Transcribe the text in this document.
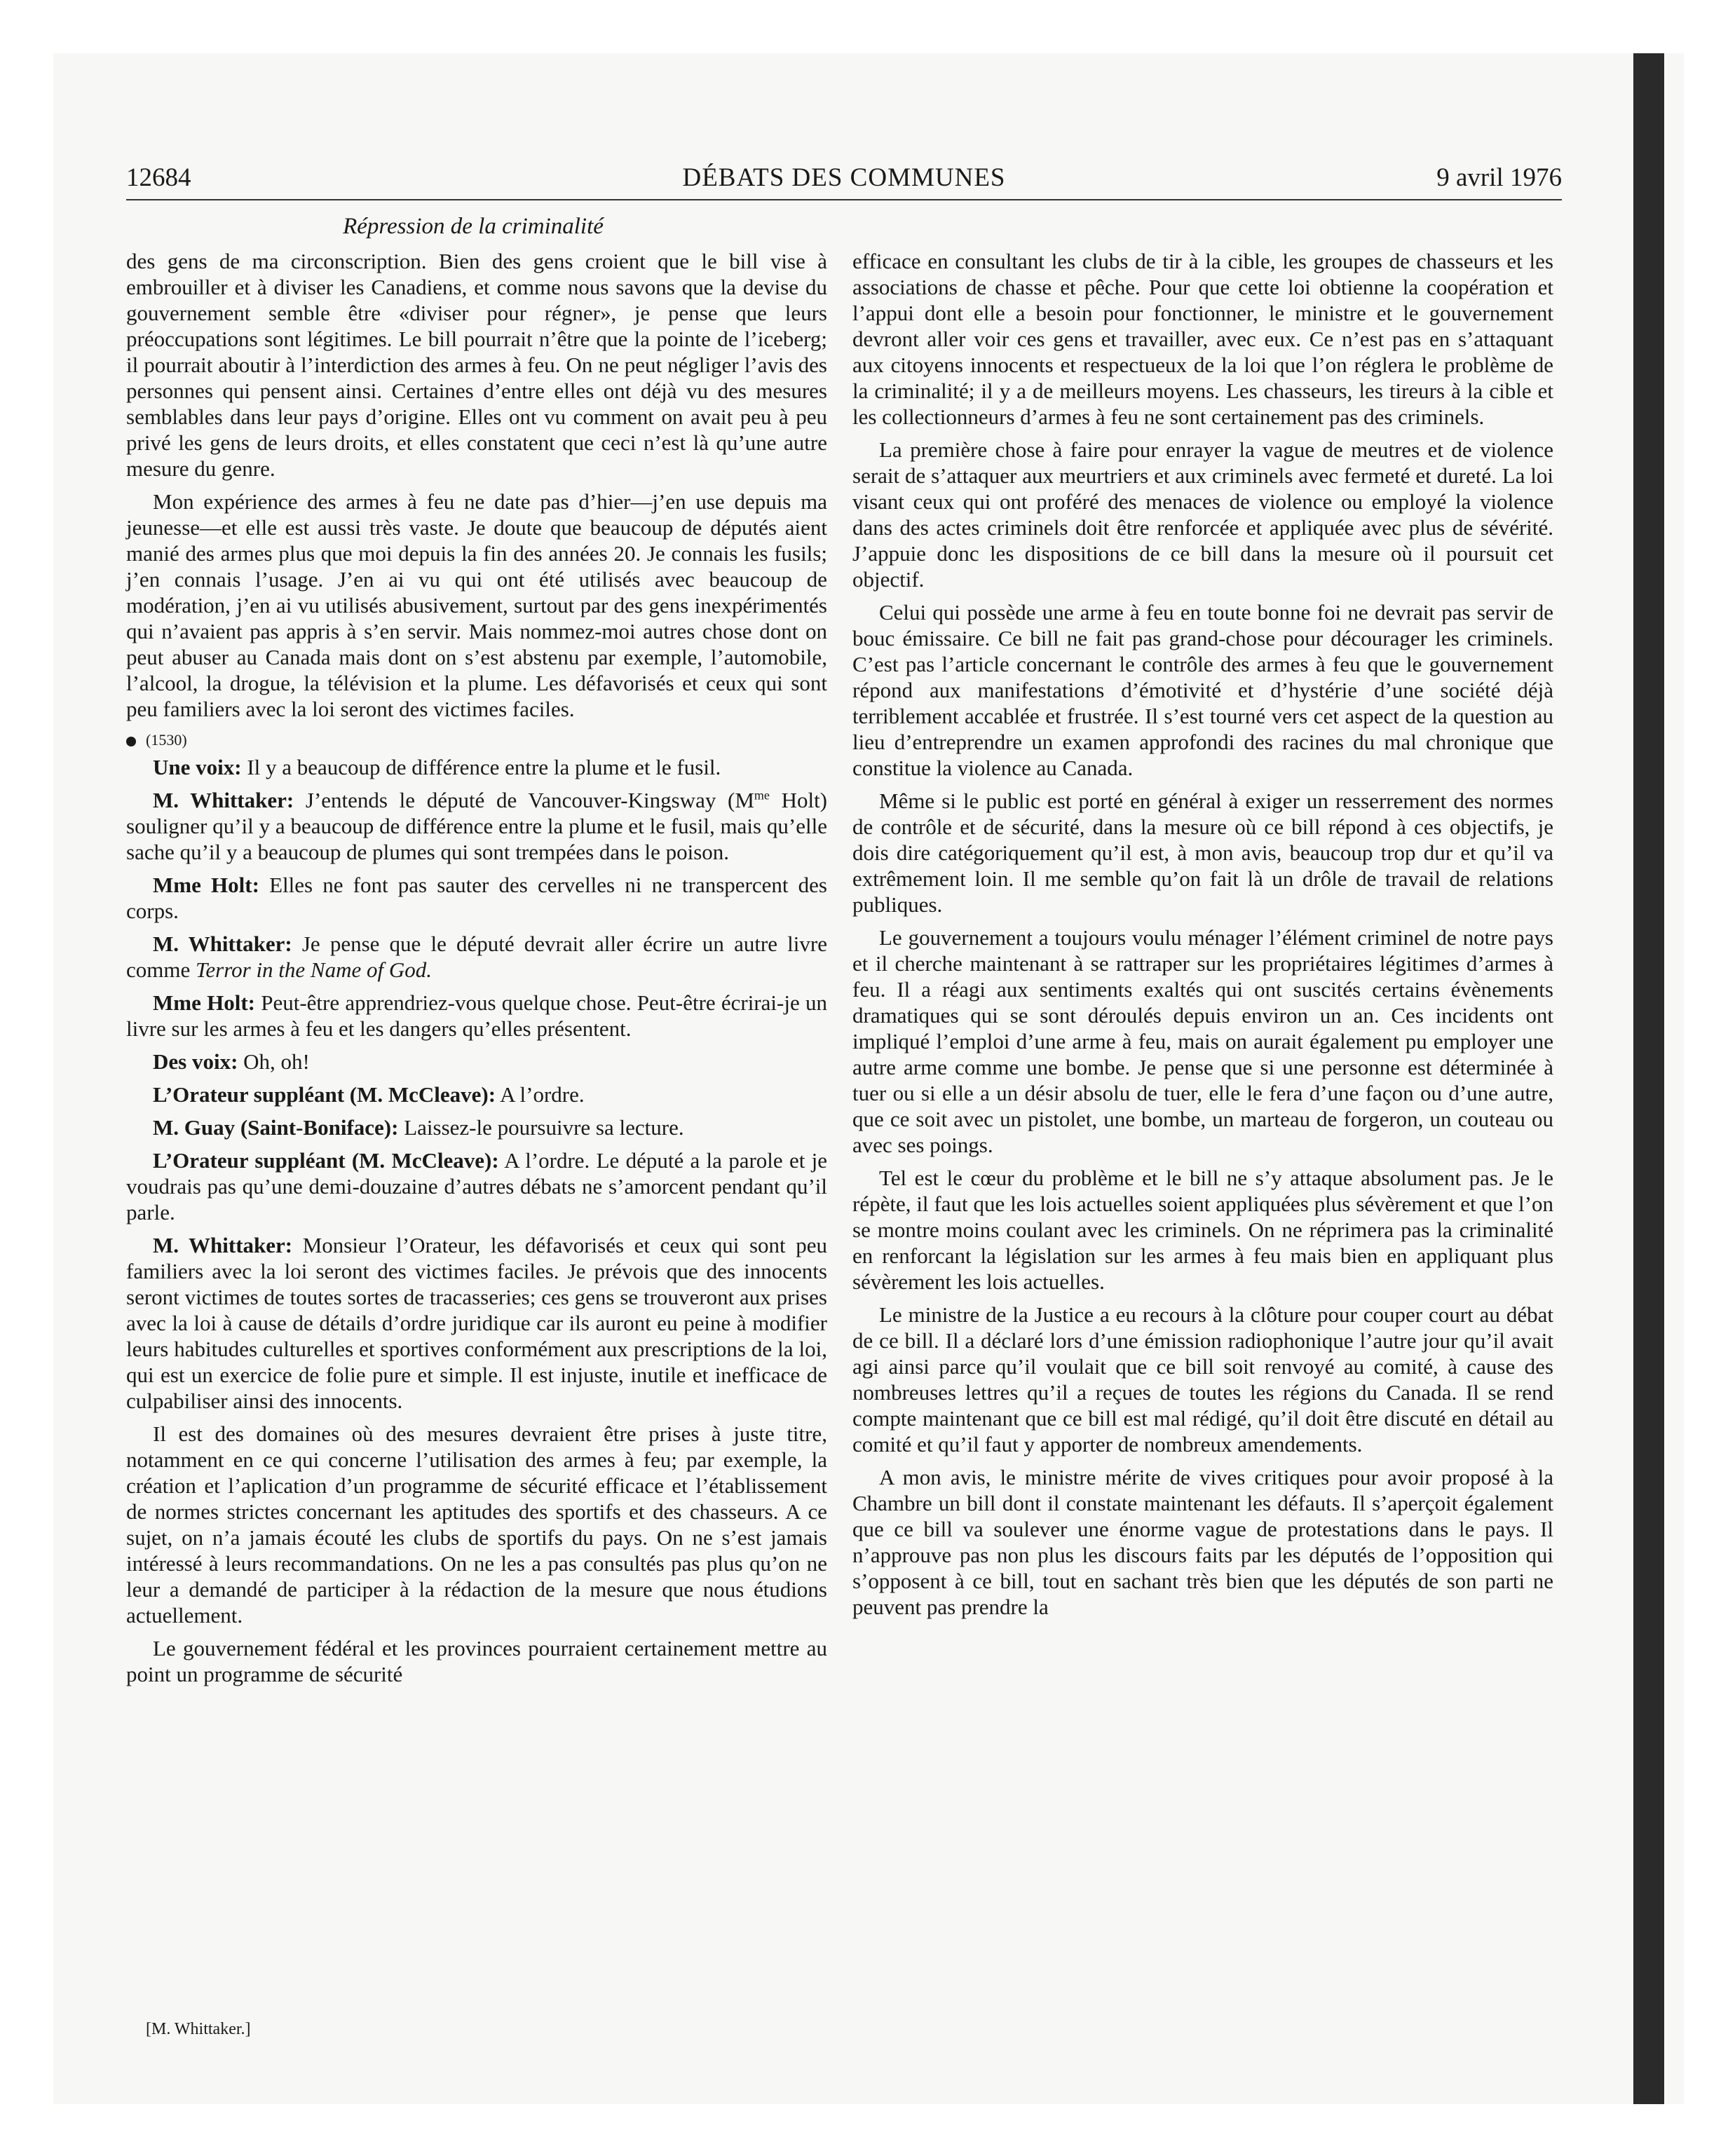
12684	DÉBATS DES COMMUNES	9 avril 1976
Répression de la criminalité

des gens de ma circonscription. Bien des gens croient que le bill vise à embrouiller et à diviser les Canadiens, et comme nous savons que la devise du gouvernement semble être «diviser pour régner», je pense que leurs préoccupations sont légitimes. Le bill pourrait n’être que la pointe de l’iceberg; il pourrait aboutir à l’interdiction des armes à feu. On ne peut négliger l’avis des personnes qui pensent ainsi. Certaines d’entre elles ont déjà vu des mesures semblables dans leur pays d’origine. Elles ont vu comment on avait peu à peu privé les gens de leurs droits, et elles constatent que ceci n’est là qu’une autre mesure du genre.

Mon expérience des armes à feu ne date pas d’hier—j’en use depuis ma jeunesse—et elle est aussi très vaste. Je doute que beaucoup de députés aient manié des armes plus que moi depuis la fin des années 20. Je connais les fusils; j’en connais l’usage. J’en ai vu qui ont été utilisés avec beaucoup de modération, j’en ai vu utilisés abusivement, surtout par des gens inexpérimentés qui n’avaient pas appris à s’en servir. Mais nommez-moi autres chose dont on peut abuser au Canada mais dont on s’est abstenu par exemple, l’automobile, l’alcool, la drogue, la télévision et la plume. Les défavorisés et ceux qui sont peu familiers avec la loi seront des victimes faciles.

(1530)

Une voix: Il y a beaucoup de différence entre la plume et le fusil.

M. Whittaker: J’entends le député de Vancouver-Kingsway ($M^{me}$ Holt) souligner qu’il y a beaucoup de différence entre la plume et le fusil, mais qu’elle sache qu’il y a beaucoup de plumes qui sont trempées dans le poison.

Mme Holt: Elles ne font pas sauter des cervelles ni ne transpercent des corps.

M. Whittaker: Je pense que le député devrait aller écrire un autre livre comme Terror in the Name of God.

Mme Holt: Peut-être apprendriez-vous quelque chose. Peut-être écrirai-je un livre sur les armes à feu et les dangers qu’elles présentent.

Des voix: Oh, oh!

L’Orateur suppléant (M. McCleave): A l’ordre.

M. Guay (Saint-Boniface): Laissez-le poursuivre sa lecture.

L’Orateur suppléant (M. McCleave): A l’ordre. Le député a la parole et je voudrais pas qu’une demi-douzaine d’autres débats ne s’amorcent pendant qu’il parle.

M. Whittaker: Monsieur l’Orateur, les défavorisés et ceux qui sont peu familiers avec la loi seront des victimes faciles. Je prévois que des innocents seront victimes de toutes sortes de tracasseries; ces gens se trouveront aux prises avec la loi à cause de détails d’ordre juridique car ils auront eu peine à modifier leurs habitudes culturelles et sportives conformément aux prescriptions de la loi, qui est un exercice de folie pure et simple. Il est injuste, inutile et inefficace de culpabiliser ainsi des innocents.

Il est des domaines où des mesures devraient être prises à juste titre, notamment en ce qui concerne l’utilisation des armes à feu; par exemple, la création et l’aplication d’un programme de sécurité efficace et l’établissement de normes strictes concernant les aptitudes des sportifs et des chasseurs. A ce sujet, on n’a jamais écouté les clubs de sportifs du pays. On ne s’est jamais intéressé à leurs recommandations. On ne les a pas consultés pas plus qu’on ne leur a demandé de participer à la rédaction de la mesure que nous étudions actuellement.

Le gouvernement fédéral et les provinces pourraient certainement mettre au point un programme de sécurité

efficace en consultant les clubs de tir à la cible, les groupes de chasseurs et les associations de chasse et pêche. Pour que cette loi obtienne la coopération et l’appui dont elle a besoin pour fonctionner, le ministre et le gouvernement devront aller voir ces gens et travailler, avec eux. Ce n’est pas en s’attaquant aux citoyens innocents et respectueux de la loi que l’on réglera le problème de la criminalité; il y a de meilleurs moyens. Les chasseurs, les tireurs à la cible et les collectionneurs d’armes à feu ne sont certainement pas des criminels.

La première chose à faire pour enrayer la vague de meutres et de violence serait de s’attaquer aux meurtriers et aux criminels avec fermeté et dureté. La loi visant ceux qui ont proféré des menaces de violence ou employé la violence dans des actes criminels doit être renforcée et appliquée avec plus de sévérité. J’appuie donc les dispositions de ce bill dans la mesure où il poursuit cet objectif.

Celui qui possède une arme à feu en toute bonne foi ne devrait pas servir de bouc émissaire. Ce bill ne fait pas grand-chose pour décourager les criminels. C’est pas l’article concernant le contrôle des armes à feu que le gouvernement répond aux manifestations d’émotivité et d’hystérie d’une société déjà terriblement accablée et frustrée. Il s’est tourné vers cet aspect de la question au lieu d’entreprendre un examen approfondi des racines du mal chronique que constitue la violence au Canada.

Même si le public est porté en général à exiger un resserrement des normes de contrôle et de sécurité, dans la mesure où ce bill répond à ces objectifs, je dois dire catégoriquement qu’il est, à mon avis, beaucoup trop dur et qu’il va extrêmement loin. Il me semble qu’on fait là un drôle de travail de relations publiques.

Le gouvernement a toujours voulu ménager l’élément criminel de notre pays et il cherche maintenant à se rattraper sur les propriétaires légitimes d’armes à feu. Il a réagi aux sentiments exaltés qui ont suscités certains évènements dramatiques qui se sont déroulés depuis environ un an. Ces incidents ont impliqué l’emploi d’une arme à feu, mais on aurait également pu employer une autre arme comme une bombe. Je pense que si une personne est déterminée à tuer ou si elle a un désir absolu de tuer, elle le fera d’une façon ou d’une autre, que ce soit avec un pistolet, une bombe, un marteau de forgeron, un couteau ou avec ses poings.

Tel est le cœur du problème et le bill ne s’y attaque absolument pas. Je le répète, il faut que les lois actuelles soient appliquées plus sévèrement et que l’on se montre moins coulant avec les criminels. On ne réprimera pas la criminalité en renforcant la législation sur les armes à feu mais bien en appliquant plus sévèrement les lois actuelles.

Le ministre de la Justice a eu recours à la clôture pour couper court au débat de ce bill. Il a déclaré lors d’une émission radiophonique l’autre jour qu’il avait agi ainsi parce qu’il voulait que ce bill soit renvoyé au comité, à cause des nombreuses lettres qu’il a reçues de toutes les régions du Canada. Il se rend compte maintenant que ce bill est mal rédigé, qu’il doit être discuté en détail au comité et qu’il faut y apporter de nombreux amendements.

A mon avis, le ministre mérite de vives critiques pour avoir proposé à la Chambre un bill dont il constate maintenant les défauts. Il s’aperçoit également que ce bill va soulever une énorme vague de protestations dans le pays. Il n’approuve pas non plus les discours faits par les députés de l’opposition qui s’opposent à ce bill, tout en sachant très bien que les députés de son parti ne peuvent pas prendre la

[M. Whittaker.]
